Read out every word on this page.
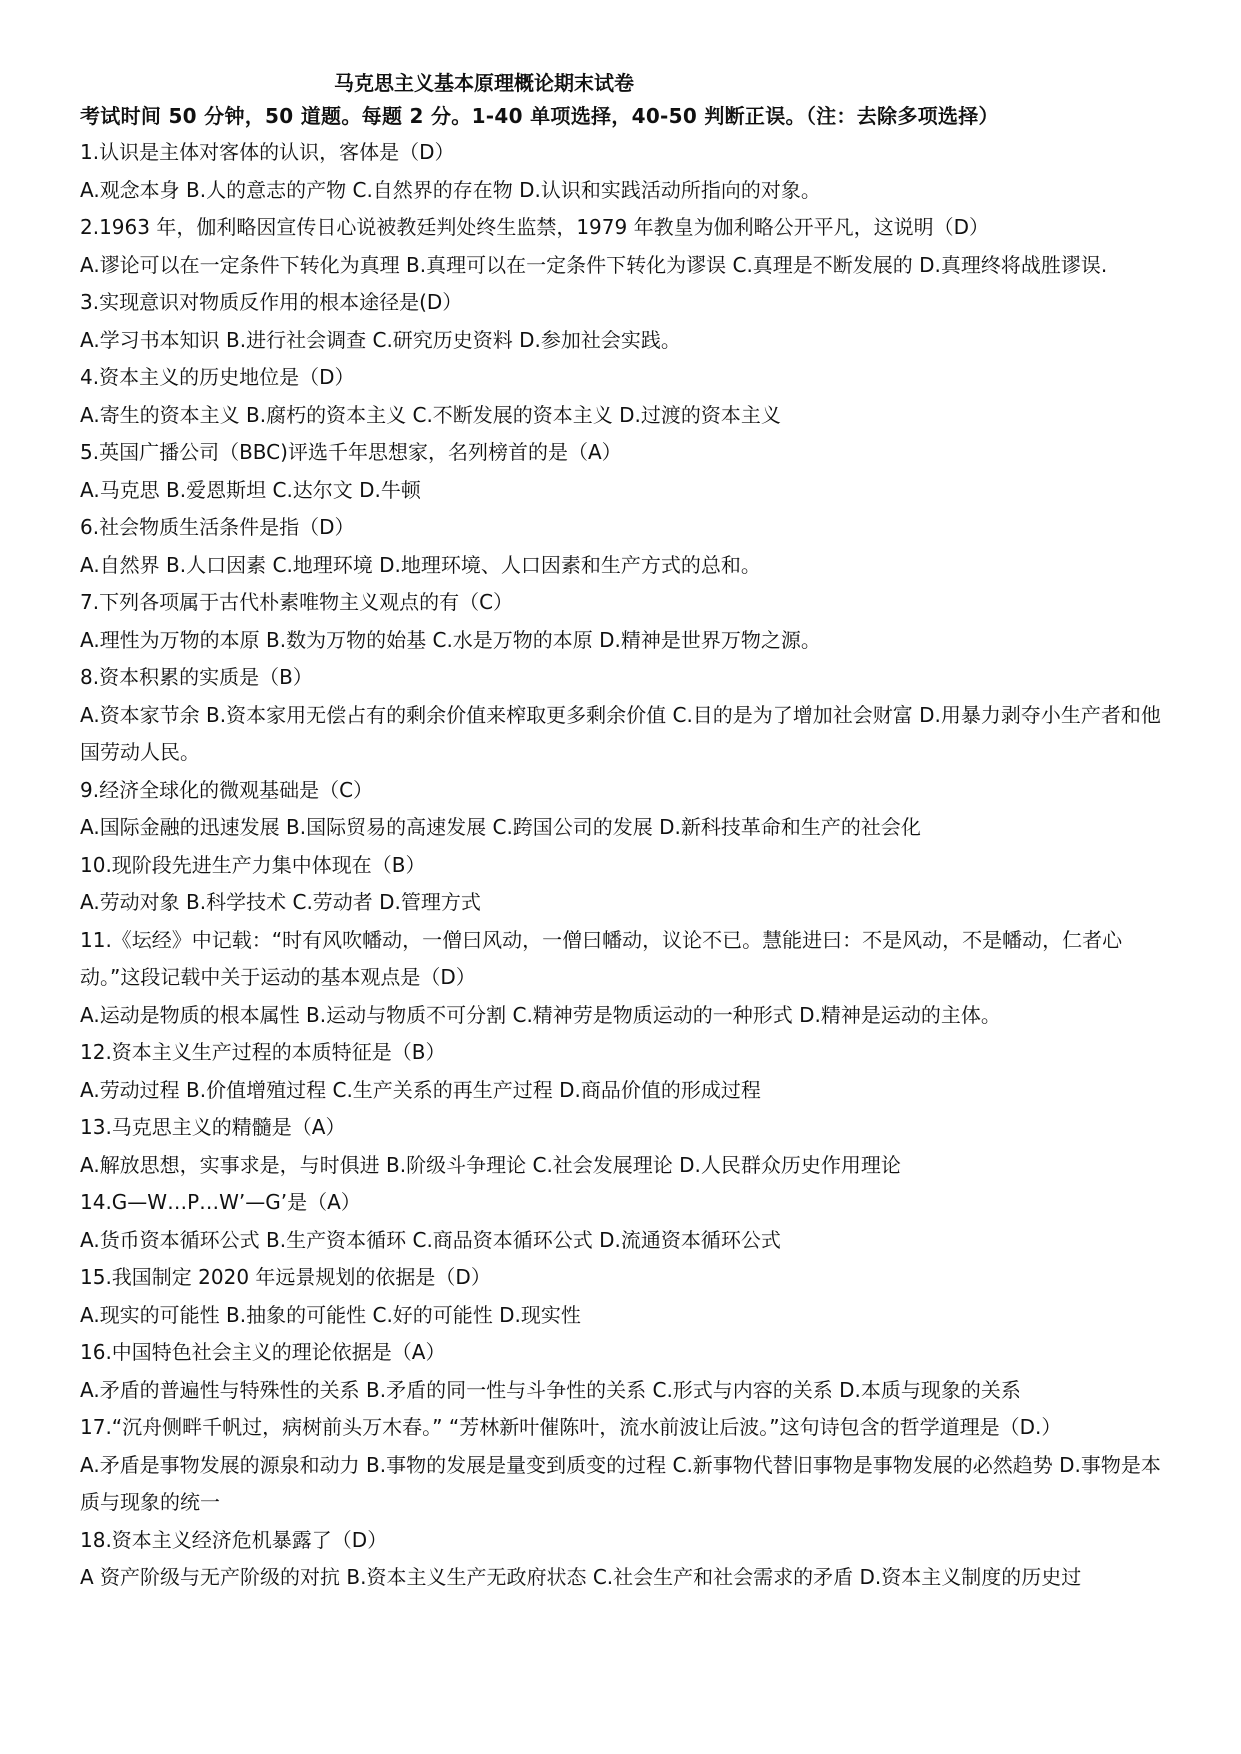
马克思主义基本原理概论期末试卷
考试时间 50 分钟，50 道题。每题 2 分。1-40 单项选择，40-50 判断正误。（注：去除多项选择）
1.认识是主体对客体的认识，客体是（D）
A.观念本身 B.人的意志的产物 C.自然界的存在物 D.认识和实践活动所指向的对象。
2.1963 年，伽利略因宣传日心说被教廷判处终生监禁，1979 年教皇为伽利略公开平凡，这说明（D）
A.谬论可以在一定条件下转化为真理 B.真理可以在一定条件下转化为谬误 C.真理是不断发展的 D.真理终将战胜谬误.
3.实现意识对物质反作用的根本途径是(D）
A.学习书本知识 B.进行社会调查 C.研究历史资料 D.参加社会实践。
4.资本主义的历史地位是（D）
A.寄生的资本主义 B.腐朽的资本主义 C.不断发展的资本主义 D.过渡的资本主义
5.英国广播公司（BBC)评选千年思想家，名列榜首的是（A）
A.马克思 B.爱恩斯坦 C.达尔文 D.牛顿
6.社会物质生活条件是指（D）
A.自然界 B.人口因素 C.地理环境 D.地理环境、人口因素和生产方式的总和。
7.下列各项属于古代朴素唯物主义观点的有（C）
A.理性为万物的本原 B.数为万物的始基 C.水是万物的本原 D.精神是世界万物之源。
8.资本积累的实质是（B）
A.资本家节余 B.资本家用无偿占有的剩余价值来榨取更多剩余价值 C.目的是为了增加社会财富 D.用暴力剥夺小生产者和他国劳动人民。
9.经济全球化的微观基础是（C）
A.国际金融的迅速发展 B.国际贸易的高速发展 C.跨国公司的发展 D.新科技革命和生产的社会化
10.现阶段先进生产力集中体现在（B）
A.劳动对象 B.科学技术 C.劳动者 D.管理方式
11.《坛经》中记载：“时有风吹幡动，一僧曰风动，一僧曰幡动，议论不已。慧能进曰：不是风动，不是幡动，仁者心动。”这段记载中关于运动的基本观点是（D）
A.运动是物质的根本属性 B.运动与物质不可分割 C.精神劳是物质运动的一种形式 D.精神是运动的主体。
12.资本主义生产过程的本质特征是（B）
A.劳动过程 B.价值增殖过程 C.生产关系的再生产过程 D.商品价值的形成过程
13.马克思主义的精髓是（A）
A.解放思想，实事求是，与时俱进 B.阶级斗争理论 C.社会发展理论 D.人民群众历史作用理论
14.G—W…P…W’—G’是（A）
A.货币资本循环公式 B.生产资本循环 C.商品资本循环公式 D.流通资本循环公式
15.我国制定 2020 年远景规划的依据是（D）
A.现实的可能性 B.抽象的可能性 C.好的可能性 D.现实性
16.中国特色社会主义的理论依据是（A）
A.矛盾的普遍性与特殊性的关系 B.矛盾的同一性与斗争性的关系 C.形式与内容的关系 D.本质与现象的关系
17.“沉舟侧畔千帆过，病树前头万木春。” “芳林新叶催陈叶，流水前波让后波。”这句诗包含的哲学道理是（D.）
A.矛盾是事物发展的源泉和动力 B.事物的发展是量变到质变的过程 C.新事物代替旧事物是事物发展的必然趋势 D.事物是本质与现象的统一
18.资本主义经济危机暴露了（D）
A 资产阶级与无产阶级的对抗 B.资本主义生产无政府状态 C.社会生产和社会需求的矛盾 D.资本主义制度的历史过
